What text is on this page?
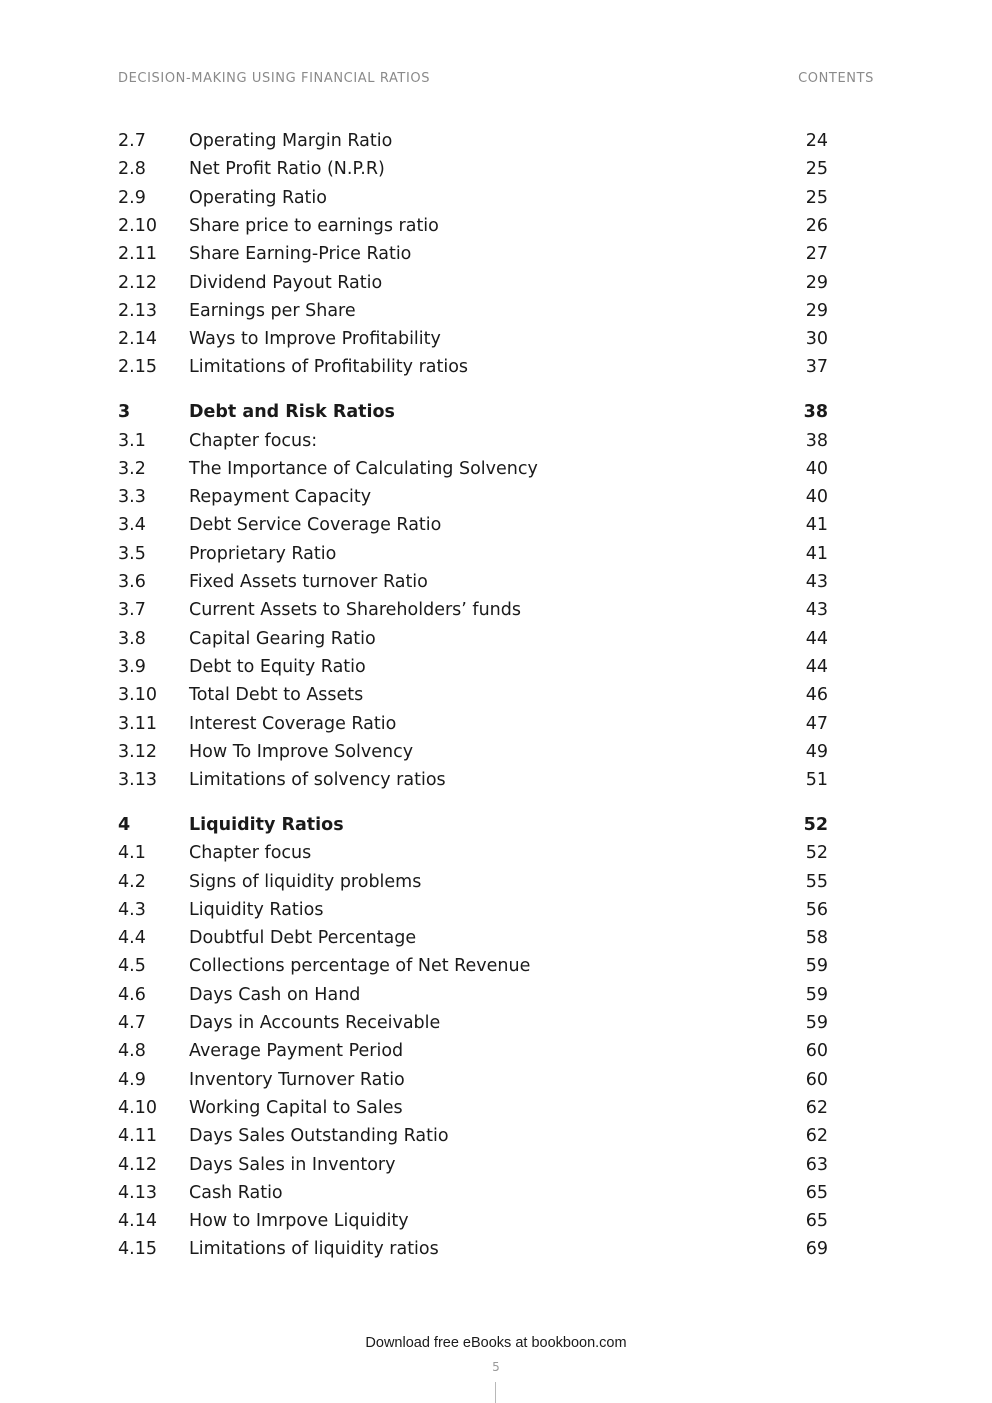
DECISION-MAKING USING FINANCIAL RATIOS	CONTENTS
2.7 Operating Margin Ratio	24
2.8 Net Profit Ratio (N.P.R)	25
2.9 Operating Ratio	25
2.10 Share price to earnings ratio	26
2.11 Share Earning-Price Ratio	27
2.12 Dividend Payout Ratio	29
2.13 Earnings per Share	29
2.14 Ways to Improve Profitability	30
2.15 Limitations of Profitability ratios	37
3	Debt and Risk Ratios	38
3.1 Chapter focus:	38
3.2 The Importance of Calculating Solvency	40
3.3 Repayment Capacity	40
3.4 Debt Service Coverage Ratio	41
3.5 Proprietary Ratio	41
3.6 Fixed Assets turnover Ratio	43
3.7 Current Assets to Shareholders’ funds	43
3.8 Capital Gearing Ratio	44
3.9 Debt to Equity Ratio	44
3.10 Total Debt to Assets	46
3.11 Interest Coverage Ratio	47
3.12 How To Improve Solvency	49
3.13 Limitations of solvency ratios	51
4	Liquidity Ratios	52
4.1 Chapter focus	52
4.2 Signs of liquidity problems	55
4.3 Liquidity Ratios	56
4.4 Doubtful Debt Percentage	58
4.5 Collections percentage of Net Revenue	59
4.6 Days Cash on Hand	59
4.7 Days in Accounts Receivable	59
4.8 Average Payment Period	60
4.9 Inventory Turnover Ratio	60
4.10 Working Capital to Sales	62
4.11 Days Sales Outstanding Ratio	62
4.12 Days Sales in Inventory	63
4.13 Cash Ratio	65
4.14 How to Imrpove Liquidity	65
4.15 Limitations of liquidity ratios	69
Download free eBooks at bookboon.com
5
